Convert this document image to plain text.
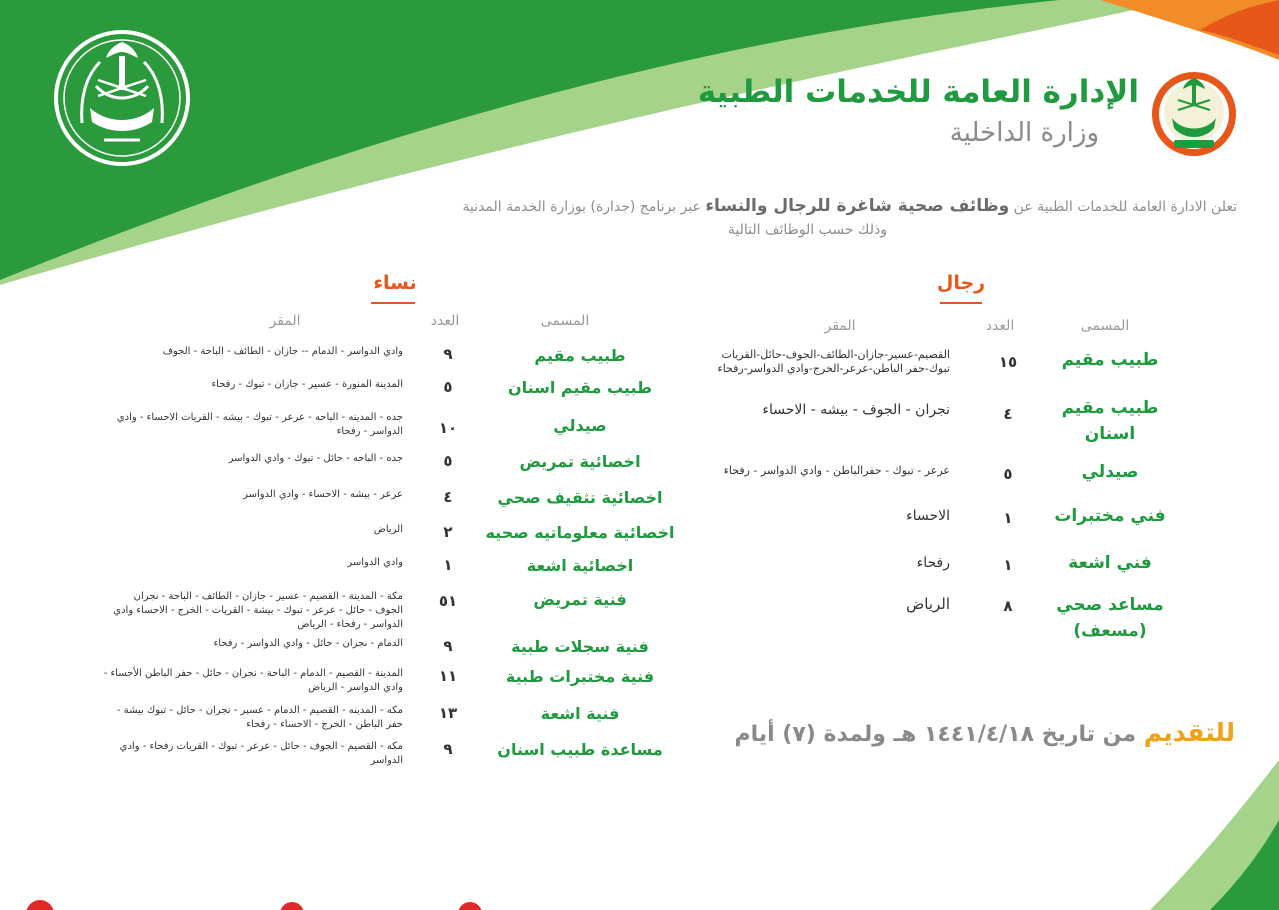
الإدارة العامة للخدمات الطبية
وزارة الداخلية
تعلن الادارة العامة للخدمات الطبية عن وظائف صحية شاغرة للرجال والنساء عبر برنامج (جدارة) بوزارة الخدمة المدنية
وذلك حسب الوظائف التالية
رجال
المسمى
العدد
المقر
طبيب مقيم
١٥
القصيم-عسير-جازان-الطائف-الجوف-حائل-القريات تبوك-حفر الباطن-عرعر-الخرج-وادي الدواسر-رفحاء
طبيب مقيم اسنان
٤
نجران - الجوف - بيشه - الاحساء
صيدلي
٥
عرعر - تبوك - حفرالباطن - وادي الدواسر - رفحاء
فني مختبرات
١
الاحساء
فني اشعة
١
رفحاء
مساعد صحي (مسعف)
٨
الرياض
نساء
المسمى
العدد
المقر
طبيب مقيم
٩
وادي الدواسر - الدمام -- جازان - الطائف - الباحة - الجوف
طبيب مقيم اسنان
٥
المدينة المنورة - عسير - جازان - تبوك - رفحاء
صيدلي
١٠
جده - المدينه - الباحه - عرعر - تبوك - بيشه - القريات الاحساء - وادي الدواسر - رفحاء
اخصائية تمريض
٥
جده - الباحه - حائل - تبوك - وادي الدواسر
اخصائية تثقيف صحي
٤
عرعر - بيشه - الاحساء - وادي الدواسر
اخصائية معلوماتيه صحيه
٢
الرياض
اخصائية اشعة
١
وادي الدواسر
فنية تمريض
٥١
مكة - المدينة - القصيم - عسير - جازان - الطائف - الباحة - نجران الجوف - حائل - عرعر - تبوك - بيشة - القريات - الخرج - الاحساء وادي الدواسر - رفحاء - الرياض
فنية سجلات طبية
٩
الدمام - نجران - حائل - وادي الدواسر - رفحاء
فنية مختبرات طبية
١١
المدينة - القصيم - الدمام - الباحة - نجران - حائل - حفر الباطن الأحساء - وادي الدواسر - الرياض
فنية اشعة
١٣
مكه - المدينه - القصيم - الدمام - عسير - نجران - حائل - تبوك بيشة - حفر الباطن - الخرج - الاحساء - رفحاء
مساعدة طبيب اسنان
٩
مكه - القصيم - الجوف - حائل - عرعر - تبوك - القريات رفحاء - وادي الدواسر
للتقديم من تاريخ ١٤٤١/٤/١٨ هـ ولمدة (٧) أيام
